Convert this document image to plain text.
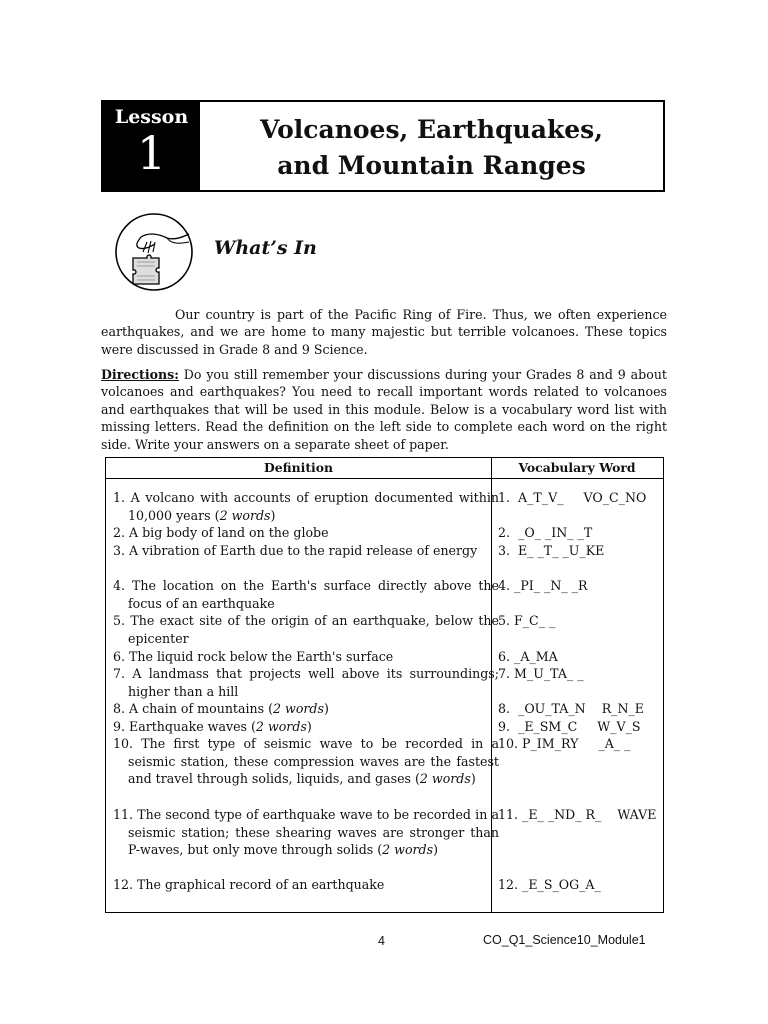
Lesson
1	Volcanoes, Earthquakes,
and Mountain Ranges
What’s In
Our country is part of the Pacific Ring of Fire. Thus, we often experience earthquakes, and we are home to many majestic but terrible volcanoes. These topics were discussed in Grade 8 and 9 Science.
Directions: Do you still remember your discussions during your Grades 8 and 9 about volcanoes and earthquakes? You need to recall important words related to volcanoes and earthquakes that will be used in this module. Below is a vocabulary word list with missing letters. Read the definition on the left side to complete each word on the right side. Write your answers on a separate sheet of paper.
Definition	Vocabulary Word
1. A volcano with accounts of eruption documented within 10,000 years (2 words)
1.  A_T_V_     VO_C_NO
2. A big body of land on the globe	2.  _O_ _IN_ _T
3. A vibration of Earth due to the rapid release of energy	3.  E_ _T_ _U_KE
4. The location on the Earth's surface directly above the focus of an earthquake
4. _PI_ _N_ _R
5. The exact site of the origin of an earthquake, below the epicenter
5. F_C_ _
6. The liquid rock below the Earth's surface	6. _A_MA
7. A landmass that projects well above its surroundings; higher than a hill
7. M_U_TA_ _
8. A chain of mountains (2 words)	8.  _OU_TA_N    R_N_E
9. Earthquake waves (2 words)	9.  _E_SM_C     W_V_S
10. The first type of seismic wave to be recorded in a seismic station, these compression waves are the fastest and travel through solids, liquids, and gases (2 words)
10. P_IM_RY     _A_ _
11. The second type of earthquake wave to be recorded in a seismic station; these shearing waves are stronger than P-waves, but only move through solids (2 words)
11. _E_ _ND_ R_    WAVE
12. The graphical record of an earthquake	12. _E_S_OG_A_
4	CO_Q1_Science10_Module1
